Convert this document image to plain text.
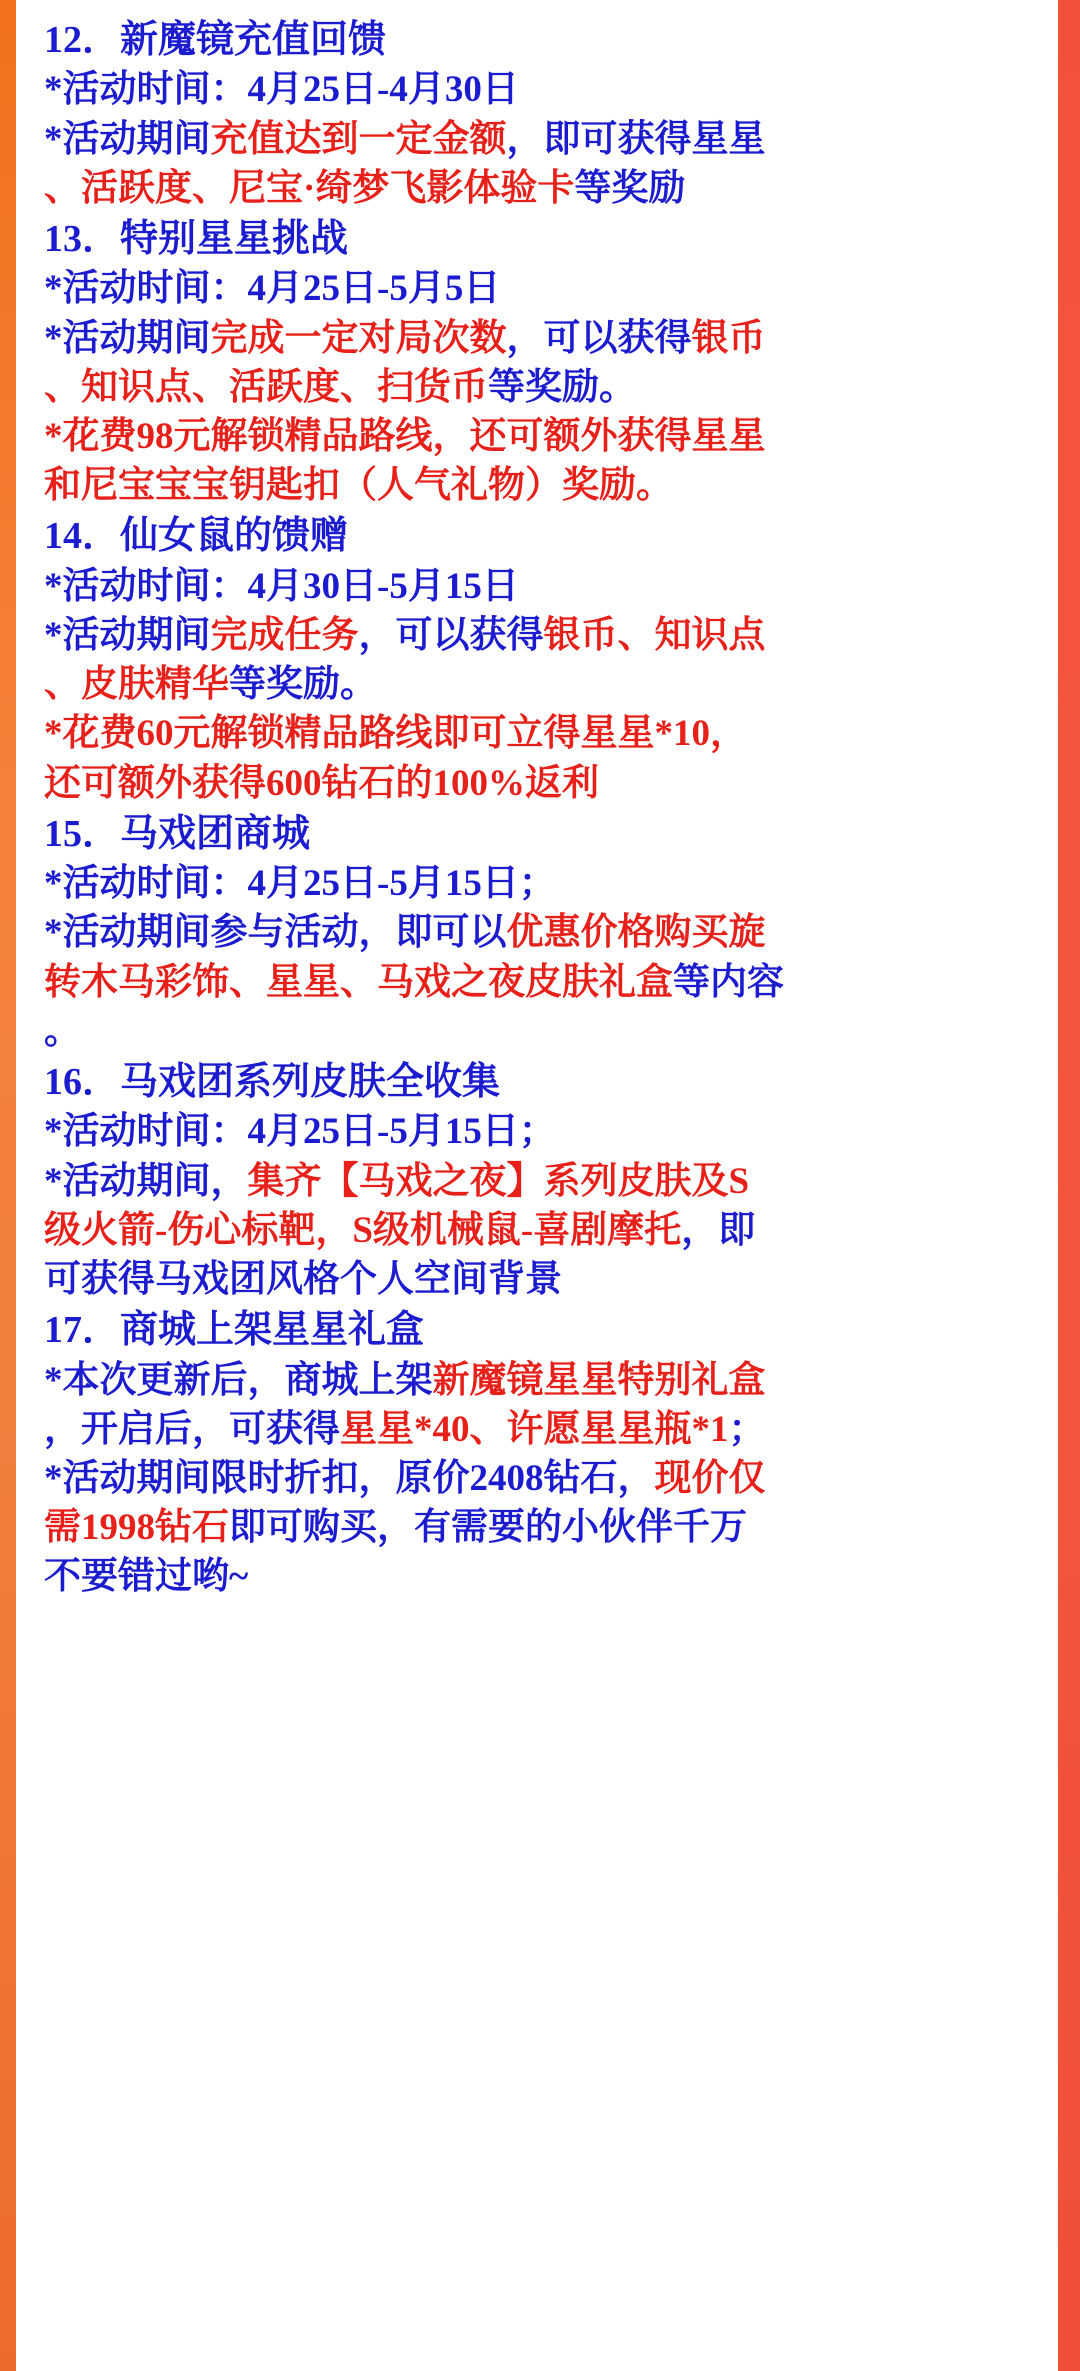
12．新魔镜充值回馈
*活动时间：4月25日-4月30日
*活动期间充值达到一定金额，即可获得星星
、活跃度、尼宝·绮梦飞影体验卡等奖励
13．特别星星挑战
*活动时间：4月25日-5月5日
*活动期间完成一定对局次数，可以获得银币
、知识点、活跃度、扫货币等奖励。
*花费98元解锁精品路线，还可额外获得星星
和尼宝宝宝钥匙扣（人气礼物）奖励。
14．仙女鼠的馈赠
*活动时间：4月30日-5月15日
*活动期间完成任务，可以获得银币、知识点
、皮肤精华等奖励。
*花费60元解锁精品路线即可立得星星*10，
还可额外获得600钻石的100%返利
15．马戏团商城
*活动时间：4月25日-5月15日；
*活动期间参与活动，即可以优惠价格购买旋
转木马彩饰、星星、马戏之夜皮肤礼盒等内容
。
16．马戏团系列皮肤全收集
*活动时间：4月25日-5月15日；
*活动期间，集齐【马戏之夜】系列皮肤及S
级火箭-伤心标靶，S级机械鼠-喜剧摩托，即
可获得马戏团风格个人空间背景
17．商城上架星星礼盒
*本次更新后，商城上架新魔镜星星特别礼盒
，开启后，可获得星星*40、许愿星星瓶*1；
*活动期间限时折扣，原价2408钻石，现价仅
需1998钻石即可购买，有需要的小伙伴千万
不要错过哟~
